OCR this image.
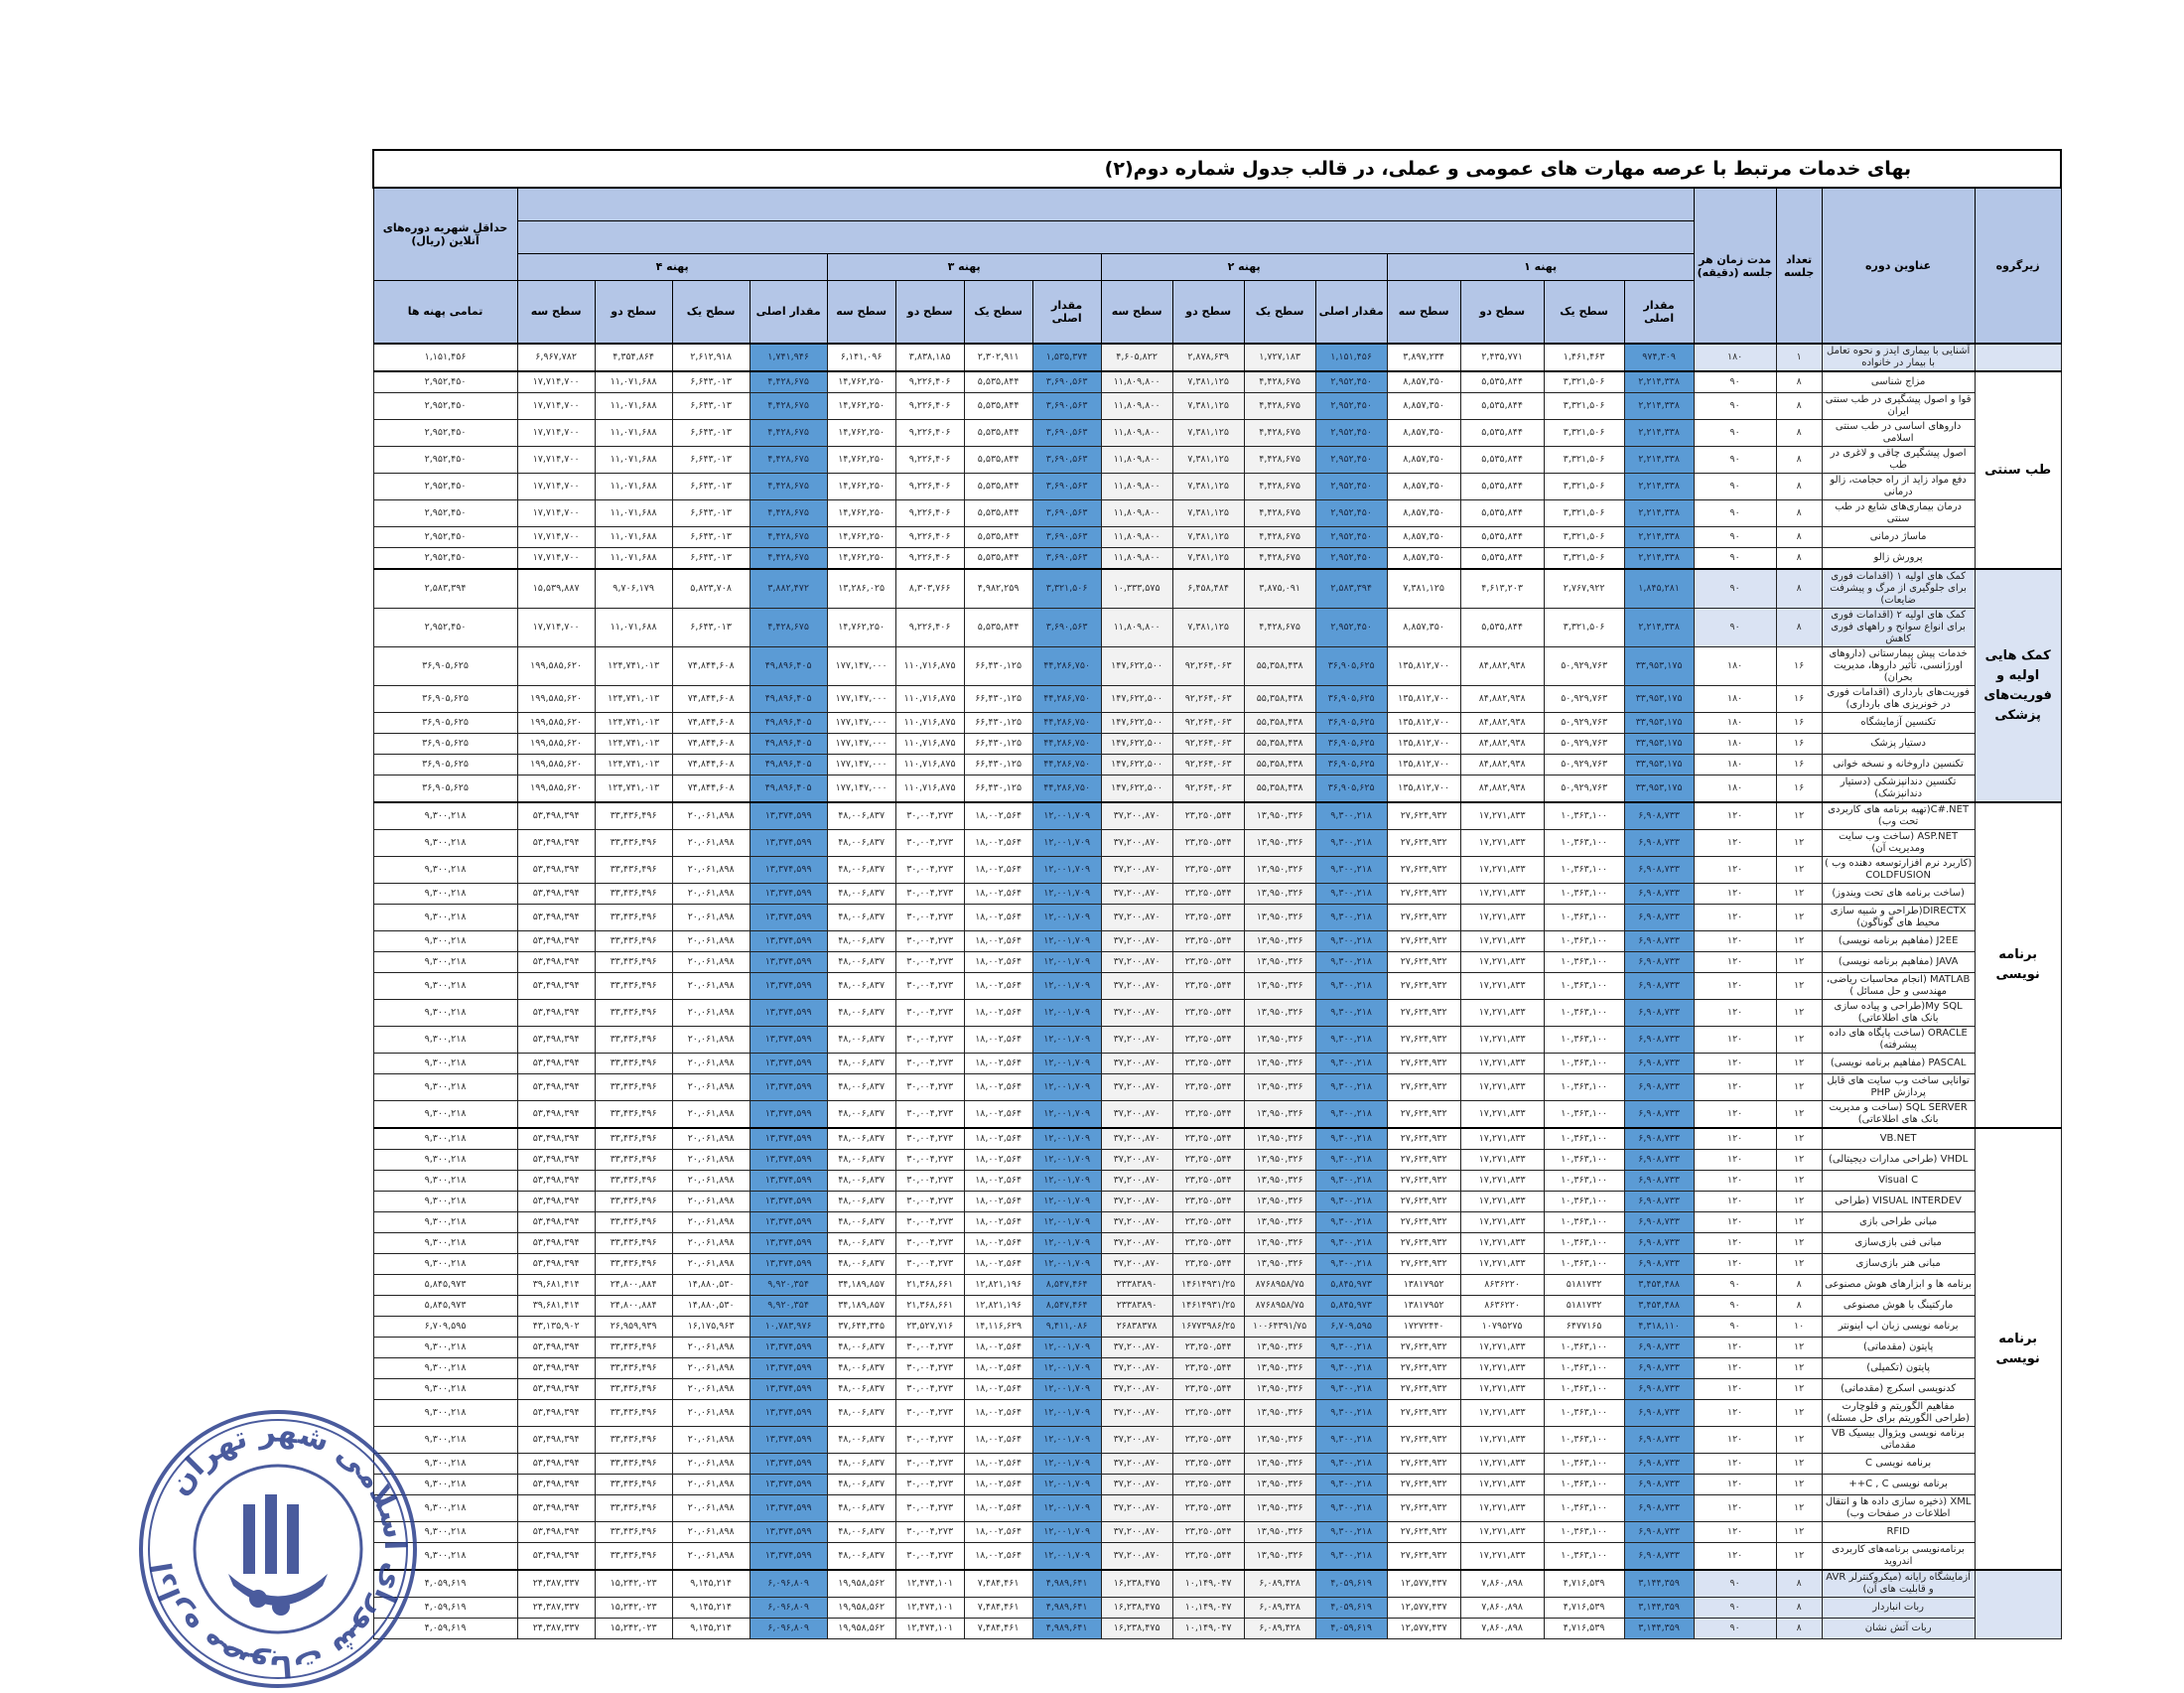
بهای خدمات مرتبط با عرصه مهارت های عمومی و عملی، در قالب جدول شماره دوم(۲)																				
زیرگروه	عناوین دوره	تعداد جلسه	مدت زمان هر جلسه (دقیقه)																	حداقل شهریه دوره‌های آنلاین (ریال)

				پهنه ۱				پهنه ۲				پهنه ۳				پهنه ۴				
				مقدار اصلی	سطح یک	سطح دو	سطح سه	مقدار اصلی	سطح یک	سطح دو	سطح سه	مقدار اصلی	سطح یک	سطح دو	سطح سه	مقدار اصلی	سطح یک	سطح دو	سطح سه	تمامی پهنه ها
	آشنایی با بیماری ایدز و نحوه تعامل با بیمار در خانواده	۱	۱۸۰	۹۷۴,۳۰۹	۱,۴۶۱,۴۶۳	۲,۴۳۵,۷۷۱	۳,۸۹۷,۲۳۴	۱,۱۵۱,۴۵۶	۱,۷۲۷,۱۸۳	۲,۸۷۸,۶۳۹	۴,۶۰۵,۸۲۲	۱,۵۳۵,۳۷۴	۲,۳۰۲,۹۱۱	۳,۸۳۸,۱۸۵	۶,۱۴۱,۰۹۶	۱,۷۴۱,۹۴۶	۲,۶۱۲,۹۱۸	۴,۳۵۴,۸۶۴	۶,۹۶۷,۷۸۲	۱,۱۵۱,۴۵۶
طب سنتی	مزاج شناسی	۸	۹۰	۲,۲۱۴,۳۳۸	۳,۳۲۱,۵۰۶	۵,۵۳۵,۸۴۴	۸,۸۵۷,۳۵۰	۲,۹۵۲,۴۵۰	۴,۴۲۸,۶۷۵	۷,۳۸۱,۱۲۵	۱۱,۸۰۹,۸۰۰	۳,۶۹۰,۵۶۳	۵,۵۳۵,۸۴۴	۹,۲۲۶,۴۰۶	۱۴,۷۶۲,۲۵۰	۴,۴۲۸,۶۷۵	۶,۶۴۳,۰۱۳	۱۱,۰۷۱,۶۸۸	۱۷,۷۱۴,۷۰۰	۲,۹۵۲,۴۵۰
	قوا و اصول پیشگیری در طب سنتی ایران	۸	۹۰	۲,۲۱۴,۳۳۸	۳,۳۲۱,۵۰۶	۵,۵۳۵,۸۴۴	۸,۸۵۷,۳۵۰	۲,۹۵۲,۴۵۰	۴,۴۲۸,۶۷۵	۷,۳۸۱,۱۲۵	۱۱,۸۰۹,۸۰۰	۳,۶۹۰,۵۶۳	۵,۵۳۵,۸۴۴	۹,۲۲۶,۴۰۶	۱۴,۷۶۲,۲۵۰	۴,۴۲۸,۶۷۵	۶,۶۴۳,۰۱۳	۱۱,۰۷۱,۶۸۸	۱۷,۷۱۴,۷۰۰	۲,۹۵۲,۴۵۰
	داروهای اساسی در طب سنتی اسلامی	۸	۹۰	۲,۲۱۴,۳۳۸	۳,۳۲۱,۵۰۶	۵,۵۳۵,۸۴۴	۸,۸۵۷,۳۵۰	۲,۹۵۲,۴۵۰	۴,۴۲۸,۶۷۵	۷,۳۸۱,۱۲۵	۱۱,۸۰۹,۸۰۰	۳,۶۹۰,۵۶۳	۵,۵۳۵,۸۴۴	۹,۲۲۶,۴۰۶	۱۴,۷۶۲,۲۵۰	۴,۴۲۸,۶۷۵	۶,۶۴۳,۰۱۳	۱۱,۰۷۱,۶۸۸	۱۷,۷۱۴,۷۰۰	۲,۹۵۲,۴۵۰
	اصول پیشگیری چاقی و لاغری در طب	۸	۹۰	۲,۲۱۴,۳۳۸	۳,۳۲۱,۵۰۶	۵,۵۳۵,۸۴۴	۸,۸۵۷,۳۵۰	۲,۹۵۲,۴۵۰	۴,۴۲۸,۶۷۵	۷,۳۸۱,۱۲۵	۱۱,۸۰۹,۸۰۰	۳,۶۹۰,۵۶۳	۵,۵۳۵,۸۴۴	۹,۲۲۶,۴۰۶	۱۴,۷۶۲,۲۵۰	۴,۴۲۸,۶۷۵	۶,۶۴۳,۰۱۳	۱۱,۰۷۱,۶۸۸	۱۷,۷۱۴,۷۰۰	۲,۹۵۲,۴۵۰
	دفع مواد زاید از راه حجامت، زالو درمانی	۸	۹۰	۲,۲۱۴,۳۳۸	۳,۳۲۱,۵۰۶	۵,۵۳۵,۸۴۴	۸,۸۵۷,۳۵۰	۲,۹۵۲,۴۵۰	۴,۴۲۸,۶۷۵	۷,۳۸۱,۱۲۵	۱۱,۸۰۹,۸۰۰	۳,۶۹۰,۵۶۳	۵,۵۳۵,۸۴۴	۹,۲۲۶,۴۰۶	۱۴,۷۶۲,۲۵۰	۴,۴۲۸,۶۷۵	۶,۶۴۳,۰۱۳	۱۱,۰۷۱,۶۸۸	۱۷,۷۱۴,۷۰۰	۲,۹۵۲,۴۵۰
	درمان بیماری‌های شایع در طب سنتی	۸	۹۰	۲,۲۱۴,۳۳۸	۳,۳۲۱,۵۰۶	۵,۵۳۵,۸۴۴	۸,۸۵۷,۳۵۰	۲,۹۵۲,۴۵۰	۴,۴۲۸,۶۷۵	۷,۳۸۱,۱۲۵	۱۱,۸۰۹,۸۰۰	۳,۶۹۰,۵۶۳	۵,۵۳۵,۸۴۴	۹,۲۲۶,۴۰۶	۱۴,۷۶۲,۲۵۰	۴,۴۲۸,۶۷۵	۶,۶۴۳,۰۱۳	۱۱,۰۷۱,۶۸۸	۱۷,۷۱۴,۷۰۰	۲,۹۵۲,۴۵۰
	ماساژ درمانی	۸	۹۰	۲,۲۱۴,۳۳۸	۳,۳۲۱,۵۰۶	۵,۵۳۵,۸۴۴	۸,۸۵۷,۳۵۰	۲,۹۵۲,۴۵۰	۴,۴۲۸,۶۷۵	۷,۳۸۱,۱۲۵	۱۱,۸۰۹,۸۰۰	۳,۶۹۰,۵۶۳	۵,۵۳۵,۸۴۴	۹,۲۲۶,۴۰۶	۱۴,۷۶۲,۲۵۰	۴,۴۲۸,۶۷۵	۶,۶۴۳,۰۱۳	۱۱,۰۷۱,۶۸۸	۱۷,۷۱۴,۷۰۰	۲,۹۵۲,۴۵۰
	پرورش زالو	۸	۹۰	۲,۲۱۴,۳۳۸	۳,۳۲۱,۵۰۶	۵,۵۳۵,۸۴۴	۸,۸۵۷,۳۵۰	۲,۹۵۲,۴۵۰	۴,۴۲۸,۶۷۵	۷,۳۸۱,۱۲۵	۱۱,۸۰۹,۸۰۰	۳,۶۹۰,۵۶۳	۵,۵۳۵,۸۴۴	۹,۲۲۶,۴۰۶	۱۴,۷۶۲,۲۵۰	۴,۴۲۸,۶۷۵	۶,۶۴۳,۰۱۳	۱۱,۰۷۱,۶۸۸	۱۷,۷۱۴,۷۰۰	۲,۹۵۲,۴۵۰
کمک هایی اولیه و فوریت‌های پزشکی	کمک های اولیه ۱ (اقدامات فوری برای جلوگیری از مرگ و پیشرفت ضایعات)	۸	۹۰	۱,۸۴۵,۲۸۱	۲,۷۶۷,۹۲۲	۴,۶۱۳,۲۰۳	۷,۳۸۱,۱۲۵	۲,۵۸۳,۳۹۴	۳,۸۷۵,۰۹۱	۶,۴۵۸,۴۸۴	۱۰,۳۳۳,۵۷۵	۳,۳۲۱,۵۰۶	۴,۹۸۲,۲۵۹	۸,۳۰۳,۷۶۶	۱۳,۲۸۶,۰۲۵	۳,۸۸۲,۴۷۲	۵,۸۲۳,۷۰۸	۹,۷۰۶,۱۷۹	۱۵,۵۳۹,۸۸۷	۲,۵۸۳,۳۹۴
	کمک های اولیه ۲ (اقدامات فوری برای انواع سوانح و راههای فوری کاهش	۸	۹۰	۲,۲۱۴,۳۳۸	۳,۳۲۱,۵۰۶	۵,۵۳۵,۸۴۴	۸,۸۵۷,۳۵۰	۲,۹۵۲,۴۵۰	۴,۴۲۸,۶۷۵	۷,۳۸۱,۱۲۵	۱۱,۸۰۹,۸۰۰	۳,۶۹۰,۵۶۳	۵,۵۳۵,۸۴۴	۹,۲۲۶,۴۰۶	۱۴,۷۶۲,۲۵۰	۴,۴۲۸,۶۷۵	۶,۶۴۳,۰۱۳	۱۱,۰۷۱,۶۸۸	۱۷,۷۱۴,۷۰۰	۲,۹۵۲,۴۵۰
	خدمات پیش بیمارستانی (داروهای اورژانسی، تأثیر داروها، مدیریت بحران)	۱۶	۱۸۰	۳۳,۹۵۳,۱۷۵	۵۰,۹۲۹,۷۶۳	۸۴,۸۸۲,۹۳۸	۱۳۵,۸۱۲,۷۰۰	۳۶,۹۰۵,۶۲۵	۵۵,۳۵۸,۴۳۸	۹۲,۲۶۴,۰۶۳	۱۴۷,۶۲۲,۵۰۰	۴۴,۲۸۶,۷۵۰	۶۶,۴۳۰,۱۲۵	۱۱۰,۷۱۶,۸۷۵	۱۷۷,۱۴۷,۰۰۰	۴۹,۸۹۶,۴۰۵	۷۴,۸۴۴,۶۰۸	۱۲۴,۷۴۱,۰۱۳	۱۹۹,۵۸۵,۶۲۰	۳۶,۹۰۵,۶۲۵
	فوریت‌های بارداری (اقدامات فوری در خونریزی های بارداری)	۱۶	۱۸۰	۳۳,۹۵۳,۱۷۵	۵۰,۹۲۹,۷۶۳	۸۴,۸۸۲,۹۳۸	۱۳۵,۸۱۲,۷۰۰	۳۶,۹۰۵,۶۲۵	۵۵,۳۵۸,۴۳۸	۹۲,۲۶۴,۰۶۳	۱۴۷,۶۲۲,۵۰۰	۴۴,۲۸۶,۷۵۰	۶۶,۴۳۰,۱۲۵	۱۱۰,۷۱۶,۸۷۵	۱۷۷,۱۴۷,۰۰۰	۴۹,۸۹۶,۴۰۵	۷۴,۸۴۴,۶۰۸	۱۲۴,۷۴۱,۰۱۳	۱۹۹,۵۸۵,۶۲۰	۳۶,۹۰۵,۶۲۵
	تکنسین آزمایشگاه	۱۶	۱۸۰	۳۳,۹۵۳,۱۷۵	۵۰,۹۲۹,۷۶۳	۸۴,۸۸۲,۹۳۸	۱۳۵,۸۱۲,۷۰۰	۳۶,۹۰۵,۶۲۵	۵۵,۳۵۸,۴۳۸	۹۲,۲۶۴,۰۶۳	۱۴۷,۶۲۲,۵۰۰	۴۴,۲۸۶,۷۵۰	۶۶,۴۳۰,۱۲۵	۱۱۰,۷۱۶,۸۷۵	۱۷۷,۱۴۷,۰۰۰	۴۹,۸۹۶,۴۰۵	۷۴,۸۴۴,۶۰۸	۱۲۴,۷۴۱,۰۱۳	۱۹۹,۵۸۵,۶۲۰	۳۶,۹۰۵,۶۲۵
	دستیار پزشک	۱۶	۱۸۰	۳۳,۹۵۳,۱۷۵	۵۰,۹۲۹,۷۶۳	۸۴,۸۸۲,۹۳۸	۱۳۵,۸۱۲,۷۰۰	۳۶,۹۰۵,۶۲۵	۵۵,۳۵۸,۴۳۸	۹۲,۲۶۴,۰۶۳	۱۴۷,۶۲۲,۵۰۰	۴۴,۲۸۶,۷۵۰	۶۶,۴۳۰,۱۲۵	۱۱۰,۷۱۶,۸۷۵	۱۷۷,۱۴۷,۰۰۰	۴۹,۸۹۶,۴۰۵	۷۴,۸۴۴,۶۰۸	۱۲۴,۷۴۱,۰۱۳	۱۹۹,۵۸۵,۶۲۰	۳۶,۹۰۵,۶۲۵
	تکنسین داروخانه و نسخه خوانی	۱۶	۱۸۰	۳۳,۹۵۳,۱۷۵	۵۰,۹۲۹,۷۶۳	۸۴,۸۸۲,۹۳۸	۱۳۵,۸۱۲,۷۰۰	۳۶,۹۰۵,۶۲۵	۵۵,۳۵۸,۴۳۸	۹۲,۲۶۴,۰۶۳	۱۴۷,۶۲۲,۵۰۰	۴۴,۲۸۶,۷۵۰	۶۶,۴۳۰,۱۲۵	۱۱۰,۷۱۶,۸۷۵	۱۷۷,۱۴۷,۰۰۰	۴۹,۸۹۶,۴۰۵	۷۴,۸۴۴,۶۰۸	۱۲۴,۷۴۱,۰۱۳	۱۹۹,۵۸۵,۶۲۰	۳۶,۹۰۵,۶۲۵
	تکنسین دندانپزشکی (دستیار دندانپزشک)	۱۶	۱۸۰	۳۳,۹۵۳,۱۷۵	۵۰,۹۲۹,۷۶۳	۸۴,۸۸۲,۹۳۸	۱۳۵,۸۱۲,۷۰۰	۳۶,۹۰۵,۶۲۵	۵۵,۳۵۸,۴۳۸	۹۲,۲۶۴,۰۶۳	۱۴۷,۶۲۲,۵۰۰	۴۴,۲۸۶,۷۵۰	۶۶,۴۳۰,۱۲۵	۱۱۰,۷۱۶,۸۷۵	۱۷۷,۱۴۷,۰۰۰	۴۹,۸۹۶,۴۰۵	۷۴,۸۴۴,۶۰۸	۱۲۴,۷۴۱,۰۱۳	۱۹۹,۵۸۵,۶۲۰	۳۶,۹۰۵,۶۲۵
برنامه نویسی	C#.NET(تهیه برنامه های کاربردی تحت وب)	۱۲	۱۲۰	۶,۹۰۸,۷۳۳	۱۰,۳۶۳,۱۰۰	۱۷,۲۷۱,۸۳۳	۲۷,۶۲۴,۹۳۲	۹,۳۰۰,۲۱۸	۱۳,۹۵۰,۳۲۶	۲۳,۲۵۰,۵۴۴	۳۷,۲۰۰,۸۷۰	۱۲,۰۰۱,۷۰۹	۱۸,۰۰۲,۵۶۴	۳۰,۰۰۴,۲۷۳	۴۸,۰۰۶,۸۳۷	۱۳,۳۷۴,۵۹۹	۲۰,۰۶۱,۸۹۸	۳۳,۴۳۶,۴۹۶	۵۳,۴۹۸,۳۹۴	۹,۳۰۰,۲۱۸
	ASP.NET (ساخت وب سایت ومدیریت آن)	۱۲	۱۲۰	۶,۹۰۸,۷۳۳	۱۰,۳۶۳,۱۰۰	۱۷,۲۷۱,۸۳۳	۲۷,۶۲۴,۹۳۲	۹,۳۰۰,۲۱۸	۱۳,۹۵۰,۳۲۶	۲۳,۲۵۰,۵۴۴	۳۷,۲۰۰,۸۷۰	۱۲,۰۰۱,۷۰۹	۱۸,۰۰۲,۵۶۴	۳۰,۰۰۴,۲۷۳	۴۸,۰۰۶,۸۳۷	۱۳,۳۷۴,۵۹۹	۲۰,۰۶۱,۸۹۸	۳۳,۴۳۶,۴۹۶	۵۳,۴۹۸,۳۹۴	۹,۳۰۰,۲۱۸
	(کاربرد نرم افزارتوسعه دهنده وب ) COLDFUSION	۱۲	۱۲۰	۶,۹۰۸,۷۳۳	۱۰,۳۶۳,۱۰۰	۱۷,۲۷۱,۸۳۳	۲۷,۶۲۴,۹۳۲	۹,۳۰۰,۲۱۸	۱۳,۹۵۰,۳۲۶	۲۳,۲۵۰,۵۴۴	۳۷,۲۰۰,۸۷۰	۱۲,۰۰۱,۷۰۹	۱۸,۰۰۲,۵۶۴	۳۰,۰۰۴,۲۷۳	۴۸,۰۰۶,۸۳۷	۱۳,۳۷۴,۵۹۹	۲۰,۰۶۱,۸۹۸	۳۳,۴۳۶,۴۹۶	۵۳,۴۹۸,۳۹۴	۹,۳۰۰,۲۱۸
	(ساخت برنامه های تحت ویندوز)	۱۲	۱۲۰	۶,۹۰۸,۷۳۳	۱۰,۳۶۳,۱۰۰	۱۷,۲۷۱,۸۳۳	۲۷,۶۲۴,۹۳۲	۹,۳۰۰,۲۱۸	۱۳,۹۵۰,۳۲۶	۲۳,۲۵۰,۵۴۴	۳۷,۲۰۰,۸۷۰	۱۲,۰۰۱,۷۰۹	۱۸,۰۰۲,۵۶۴	۳۰,۰۰۴,۲۷۳	۴۸,۰۰۶,۸۳۷	۱۳,۳۷۴,۵۹۹	۲۰,۰۶۱,۸۹۸	۳۳,۴۳۶,۴۹۶	۵۳,۴۹۸,۳۹۴	۹,۳۰۰,۲۱۸
	DIRECTX(طراحی و شبیه سازی محیط های گوناگون)	۱۲	۱۲۰	۶,۹۰۸,۷۳۳	۱۰,۳۶۳,۱۰۰	۱۷,۲۷۱,۸۳۳	۲۷,۶۲۴,۹۳۲	۹,۳۰۰,۲۱۸	۱۳,۹۵۰,۳۲۶	۲۳,۲۵۰,۵۴۴	۳۷,۲۰۰,۸۷۰	۱۲,۰۰۱,۷۰۹	۱۸,۰۰۲,۵۶۴	۳۰,۰۰۴,۲۷۳	۴۸,۰۰۶,۸۳۷	۱۳,۳۷۴,۵۹۹	۲۰,۰۶۱,۸۹۸	۳۳,۴۳۶,۴۹۶	۵۳,۴۹۸,۳۹۴	۹,۳۰۰,۲۱۸
	J2EE (مفاهیم برنامه نویسی)	۱۲	۱۲۰	۶,۹۰۸,۷۳۳	۱۰,۳۶۳,۱۰۰	۱۷,۲۷۱,۸۳۳	۲۷,۶۲۴,۹۳۲	۹,۳۰۰,۲۱۸	۱۳,۹۵۰,۳۲۶	۲۳,۲۵۰,۵۴۴	۳۷,۲۰۰,۸۷۰	۱۲,۰۰۱,۷۰۹	۱۸,۰۰۲,۵۶۴	۳۰,۰۰۴,۲۷۳	۴۸,۰۰۶,۸۳۷	۱۳,۳۷۴,۵۹۹	۲۰,۰۶۱,۸۹۸	۳۳,۴۳۶,۴۹۶	۵۳,۴۹۸,۳۹۴	۹,۳۰۰,۲۱۸
	JAVA (مفاهیم برنامه نویسی)	۱۲	۱۲۰	۶,۹۰۸,۷۳۳	۱۰,۳۶۳,۱۰۰	۱۷,۲۷۱,۸۳۳	۲۷,۶۲۴,۹۳۲	۹,۳۰۰,۲۱۸	۱۳,۹۵۰,۳۲۶	۲۳,۲۵۰,۵۴۴	۳۷,۲۰۰,۸۷۰	۱۲,۰۰۱,۷۰۹	۱۸,۰۰۲,۵۶۴	۳۰,۰۰۴,۲۷۳	۴۸,۰۰۶,۸۳۷	۱۳,۳۷۴,۵۹۹	۲۰,۰۶۱,۸۹۸	۳۳,۴۳۶,۴۹۶	۵۳,۴۹۸,۳۹۴	۹,۳۰۰,۲۱۸
	MATLAB (انجام محاسبات ریاضی، مهندسی و حل مسائل )	۱۲	۱۲۰	۶,۹۰۸,۷۳۳	۱۰,۳۶۳,۱۰۰	۱۷,۲۷۱,۸۳۳	۲۷,۶۲۴,۹۳۲	۹,۳۰۰,۲۱۸	۱۳,۹۵۰,۳۲۶	۲۳,۲۵۰,۵۴۴	۳۷,۲۰۰,۸۷۰	۱۲,۰۰۱,۷۰۹	۱۸,۰۰۲,۵۶۴	۳۰,۰۰۴,۲۷۳	۴۸,۰۰۶,۸۳۷	۱۳,۳۷۴,۵۹۹	۲۰,۰۶۱,۸۹۸	۳۳,۴۳۶,۴۹۶	۵۳,۴۹۸,۳۹۴	۹,۳۰۰,۲۱۸
	My SQL(طراحی و پیاده سازی بانک های اطلاعاتی)	۱۲	۱۲۰	۶,۹۰۸,۷۳۳	۱۰,۳۶۳,۱۰۰	۱۷,۲۷۱,۸۳۳	۲۷,۶۲۴,۹۳۲	۹,۳۰۰,۲۱۸	۱۳,۹۵۰,۳۲۶	۲۳,۲۵۰,۵۴۴	۳۷,۲۰۰,۸۷۰	۱۲,۰۰۱,۷۰۹	۱۸,۰۰۲,۵۶۴	۳۰,۰۰۴,۲۷۳	۴۸,۰۰۶,۸۳۷	۱۳,۳۷۴,۵۹۹	۲۰,۰۶۱,۸۹۸	۳۳,۴۳۶,۴۹۶	۵۳,۴۹۸,۳۹۴	۹,۳۰۰,۲۱۸
	ORACLE (ساخت پایگاه های داده پیشرفته)	۱۲	۱۲۰	۶,۹۰۸,۷۳۳	۱۰,۳۶۳,۱۰۰	۱۷,۲۷۱,۸۳۳	۲۷,۶۲۴,۹۳۲	۹,۳۰۰,۲۱۸	۱۳,۹۵۰,۳۲۶	۲۳,۲۵۰,۵۴۴	۳۷,۲۰۰,۸۷۰	۱۲,۰۰۱,۷۰۹	۱۸,۰۰۲,۵۶۴	۳۰,۰۰۴,۲۷۳	۴۸,۰۰۶,۸۳۷	۱۳,۳۷۴,۵۹۹	۲۰,۰۶۱,۸۹۸	۳۳,۴۳۶,۴۹۶	۵۳,۴۹۸,۳۹۴	۹,۳۰۰,۲۱۸
	PASCAL (مفاهیم برنامه نویسی)	۱۲	۱۲۰	۶,۹۰۸,۷۳۳	۱۰,۳۶۳,۱۰۰	۱۷,۲۷۱,۸۳۳	۲۷,۶۲۴,۹۳۲	۹,۳۰۰,۲۱۸	۱۳,۹۵۰,۳۲۶	۲۳,۲۵۰,۵۴۴	۳۷,۲۰۰,۸۷۰	۱۲,۰۰۱,۷۰۹	۱۸,۰۰۲,۵۶۴	۳۰,۰۰۴,۲۷۳	۴۸,۰۰۶,۸۳۷	۱۳,۳۷۴,۵۹۹	۲۰,۰۶۱,۸۹۸	۳۳,۴۳۶,۴۹۶	۵۳,۴۹۸,۳۹۴	۹,۳۰۰,۲۱۸
	توانایی ساخت وب سایت های قابل پردازش PHP	۱۲	۱۲۰	۶,۹۰۸,۷۳۳	۱۰,۳۶۳,۱۰۰	۱۷,۲۷۱,۸۳۳	۲۷,۶۲۴,۹۳۲	۹,۳۰۰,۲۱۸	۱۳,۹۵۰,۳۲۶	۲۳,۲۵۰,۵۴۴	۳۷,۲۰۰,۸۷۰	۱۲,۰۰۱,۷۰۹	۱۸,۰۰۲,۵۶۴	۳۰,۰۰۴,۲۷۳	۴۸,۰۰۶,۸۳۷	۱۳,۳۷۴,۵۹۹	۲۰,۰۶۱,۸۹۸	۳۳,۴۳۶,۴۹۶	۵۳,۴۹۸,۳۹۴	۹,۳۰۰,۲۱۸
	SQL SERVER (ساخت و مدیریت بانک های اطلاعاتی)	۱۲	۱۲۰	۶,۹۰۸,۷۳۳	۱۰,۳۶۳,۱۰۰	۱۷,۲۷۱,۸۳۳	۲۷,۶۲۴,۹۳۲	۹,۳۰۰,۲۱۸	۱۳,۹۵۰,۳۲۶	۲۳,۲۵۰,۵۴۴	۳۷,۲۰۰,۸۷۰	۱۲,۰۰۱,۷۰۹	۱۸,۰۰۲,۵۶۴	۳۰,۰۰۴,۲۷۳	۴۸,۰۰۶,۸۳۷	۱۳,۳۷۴,۵۹۹	۲۰,۰۶۱,۸۹۸	۳۳,۴۳۶,۴۹۶	۵۳,۴۹۸,۳۹۴	۹,۳۰۰,۲۱۸
برنامه نویسی	VB.NET	۱۲	۱۲۰	۶,۹۰۸,۷۳۳	۱۰,۳۶۳,۱۰۰	۱۷,۲۷۱,۸۳۳	۲۷,۶۲۴,۹۳۲	۹,۳۰۰,۲۱۸	۱۳,۹۵۰,۳۲۶	۲۳,۲۵۰,۵۴۴	۳۷,۲۰۰,۸۷۰	۱۲,۰۰۱,۷۰۹	۱۸,۰۰۲,۵۶۴	۳۰,۰۰۴,۲۷۳	۴۸,۰۰۶,۸۳۷	۱۳,۳۷۴,۵۹۹	۲۰,۰۶۱,۸۹۸	۳۳,۴۳۶,۴۹۶	۵۳,۴۹۸,۳۹۴	۹,۳۰۰,۲۱۸
	VHDL (طراحی مدارات دیجیتالی)	۱۲	۱۲۰	۶,۹۰۸,۷۳۳	۱۰,۳۶۳,۱۰۰	۱۷,۲۷۱,۸۳۳	۲۷,۶۲۴,۹۳۲	۹,۳۰۰,۲۱۸	۱۳,۹۵۰,۳۲۶	۲۳,۲۵۰,۵۴۴	۳۷,۲۰۰,۸۷۰	۱۲,۰۰۱,۷۰۹	۱۸,۰۰۲,۵۶۴	۳۰,۰۰۴,۲۷۳	۴۸,۰۰۶,۸۳۷	۱۳,۳۷۴,۵۹۹	۲۰,۰۶۱,۸۹۸	۳۳,۴۳۶,۴۹۶	۵۳,۴۹۸,۳۹۴	۹,۳۰۰,۲۱۸
	Visual C	۱۲	۱۲۰	۶,۹۰۸,۷۳۳	۱۰,۳۶۳,۱۰۰	۱۷,۲۷۱,۸۳۳	۲۷,۶۲۴,۹۳۲	۹,۳۰۰,۲۱۸	۱۳,۹۵۰,۳۲۶	۲۳,۲۵۰,۵۴۴	۳۷,۲۰۰,۸۷۰	۱۲,۰۰۱,۷۰۹	۱۸,۰۰۲,۵۶۴	۳۰,۰۰۴,۲۷۳	۴۸,۰۰۶,۸۳۷	۱۳,۳۷۴,۵۹۹	۲۰,۰۶۱,۸۹۸	۳۳,۴۳۶,۴۹۶	۵۳,۴۹۸,۳۹۴	۹,۳۰۰,۲۱۸
	VISUAL INTERDEV (طراحی	۱۲	۱۲۰	۶,۹۰۸,۷۳۳	۱۰,۳۶۳,۱۰۰	۱۷,۲۷۱,۸۳۳	۲۷,۶۲۴,۹۳۲	۹,۳۰۰,۲۱۸	۱۳,۹۵۰,۳۲۶	۲۳,۲۵۰,۵۴۴	۳۷,۲۰۰,۸۷۰	۱۲,۰۰۱,۷۰۹	۱۸,۰۰۲,۵۶۴	۳۰,۰۰۴,۲۷۳	۴۸,۰۰۶,۸۳۷	۱۳,۳۷۴,۵۹۹	۲۰,۰۶۱,۸۹۸	۳۳,۴۳۶,۴۹۶	۵۳,۴۹۸,۳۹۴	۹,۳۰۰,۲۱۸
	مبانی طراحی بازی	۱۲	۱۲۰	۶,۹۰۸,۷۳۳	۱۰,۳۶۳,۱۰۰	۱۷,۲۷۱,۸۳۳	۲۷,۶۲۴,۹۳۲	۹,۳۰۰,۲۱۸	۱۳,۹۵۰,۳۲۶	۲۳,۲۵۰,۵۴۴	۳۷,۲۰۰,۸۷۰	۱۲,۰۰۱,۷۰۹	۱۸,۰۰۲,۵۶۴	۳۰,۰۰۴,۲۷۳	۴۸,۰۰۶,۸۳۷	۱۳,۳۷۴,۵۹۹	۲۰,۰۶۱,۸۹۸	۳۳,۴۳۶,۴۹۶	۵۳,۴۹۸,۳۹۴	۹,۳۰۰,۲۱۸
	مبانی فنی بازی‌سازی	۱۲	۱۲۰	۶,۹۰۸,۷۳۳	۱۰,۳۶۳,۱۰۰	۱۷,۲۷۱,۸۳۳	۲۷,۶۲۴,۹۳۲	۹,۳۰۰,۲۱۸	۱۳,۹۵۰,۳۲۶	۲۳,۲۵۰,۵۴۴	۳۷,۲۰۰,۸۷۰	۱۲,۰۰۱,۷۰۹	۱۸,۰۰۲,۵۶۴	۳۰,۰۰۴,۲۷۳	۴۸,۰۰۶,۸۳۷	۱۳,۳۷۴,۵۹۹	۲۰,۰۶۱,۸۹۸	۳۳,۴۳۶,۴۹۶	۵۳,۴۹۸,۳۹۴	۹,۳۰۰,۲۱۸
	مبانی هنر بازی‌سازی	۱۲	۱۲۰	۶,۹۰۸,۷۳۳	۱۰,۳۶۳,۱۰۰	۱۷,۲۷۱,۸۳۳	۲۷,۶۲۴,۹۳۲	۹,۳۰۰,۲۱۸	۱۳,۹۵۰,۳۲۶	۲۳,۲۵۰,۵۴۴	۳۷,۲۰۰,۸۷۰	۱۲,۰۰۱,۷۰۹	۱۸,۰۰۲,۵۶۴	۳۰,۰۰۴,۲۷۳	۴۸,۰۰۶,۸۳۷	۱۳,۳۷۴,۵۹۹	۲۰,۰۶۱,۸۹۸	۳۳,۴۳۶,۴۹۶	۵۳,۴۹۸,۳۹۴	۹,۳۰۰,۲۱۸
	برنامه ها و ابزارهای هوش مصنوعی	۸	۹۰	۳,۴۵۴,۴۸۸	۵۱۸۱۷۳۲	۸۶۳۶۲۲۰	۱۳۸۱۷۹۵۲	۵,۸۴۵,۹۷۳	۸۷۶۸۹۵۸/۷۵	۱۴۶۱۴۹۳۱/۲۵	۲۳۳۸۳۸۹۰	۸,۵۴۷,۴۶۴	۱۲,۸۲۱,۱۹۶	۲۱,۳۶۸,۶۶۱	۳۴,۱۸۹,۸۵۷	۹,۹۲۰,۳۵۴	۱۴,۸۸۰,۵۳۰	۲۴,۸۰۰,۸۸۴	۳۹,۶۸۱,۴۱۴	۵,۸۴۵,۹۷۳
	مارکتینگ با هوش مصنوعی	۸	۹۰	۳,۴۵۴,۴۸۸	۵۱۸۱۷۳۲	۸۶۳۶۲۲۰	۱۳۸۱۷۹۵۲	۵,۸۴۵,۹۷۳	۸۷۶۸۹۵۸/۷۵	۱۴۶۱۴۹۳۱/۲۵	۲۳۳۸۳۸۹۰	۸,۵۴۷,۴۶۴	۱۲,۸۲۱,۱۹۶	۲۱,۳۶۸,۶۶۱	۳۴,۱۸۹,۸۵۷	۹,۹۲۰,۳۵۴	۱۴,۸۸۰,۵۳۰	۲۴,۸۰۰,۸۸۴	۳۹,۶۸۱,۴۱۴	۵,۸۴۵,۹۷۳
	برنامه نویسی زبان اپ اینونتر	۱۰	۹۰	۴,۳۱۸,۱۱۰	۶۴۷۷۱۶۵	۱۰۷۹۵۲۷۵	۱۷۲۷۲۴۴۰	۶,۷۰۹,۵۹۵	۱۰۰۶۴۳۹۱/۷۵	۱۶۷۷۳۹۸۶/۲۵	۲۶۸۳۸۳۷۸	۹,۴۱۱,۰۸۶	۱۴,۱۱۶,۶۲۹	۲۳,۵۲۷,۷۱۶	۳۷,۶۴۴,۳۴۵	۱۰,۷۸۳,۹۷۶	۱۶,۱۷۵,۹۶۳	۲۶,۹۵۹,۹۳۹	۴۳,۱۳۵,۹۰۲	۶,۷۰۹,۵۹۵
	پایتون (مقدماتی)	۱۲	۱۲۰	۶,۹۰۸,۷۳۳	۱۰,۳۶۳,۱۰۰	۱۷,۲۷۱,۸۳۳	۲۷,۶۲۴,۹۳۲	۹,۳۰۰,۲۱۸	۱۳,۹۵۰,۳۲۶	۲۳,۲۵۰,۵۴۴	۳۷,۲۰۰,۸۷۰	۱۲,۰۰۱,۷۰۹	۱۸,۰۰۲,۵۶۴	۳۰,۰۰۴,۲۷۳	۴۸,۰۰۶,۸۳۷	۱۳,۳۷۴,۵۹۹	۲۰,۰۶۱,۸۹۸	۳۳,۴۳۶,۴۹۶	۵۳,۴۹۸,۳۹۴	۹,۳۰۰,۲۱۸
	پایتون (تکمیلی)	۱۲	۱۲۰	۶,۹۰۸,۷۳۳	۱۰,۳۶۳,۱۰۰	۱۷,۲۷۱,۸۳۳	۲۷,۶۲۴,۹۳۲	۹,۳۰۰,۲۱۸	۱۳,۹۵۰,۳۲۶	۲۳,۲۵۰,۵۴۴	۳۷,۲۰۰,۸۷۰	۱۲,۰۰۱,۷۰۹	۱۸,۰۰۲,۵۶۴	۳۰,۰۰۴,۲۷۳	۴۸,۰۰۶,۸۳۷	۱۳,۳۷۴,۵۹۹	۲۰,۰۶۱,۸۹۸	۳۳,۴۳۶,۴۹۶	۵۳,۴۹۸,۳۹۴	۹,۳۰۰,۲۱۸
	کدنویسی اسکرچ (مقدماتی)	۱۲	۱۲۰	۶,۹۰۸,۷۳۳	۱۰,۳۶۳,۱۰۰	۱۷,۲۷۱,۸۳۳	۲۷,۶۲۴,۹۳۲	۹,۳۰۰,۲۱۸	۱۳,۹۵۰,۳۲۶	۲۳,۲۵۰,۵۴۴	۳۷,۲۰۰,۸۷۰	۱۲,۰۰۱,۷۰۹	۱۸,۰۰۲,۵۶۴	۳۰,۰۰۴,۲۷۳	۴۸,۰۰۶,۸۳۷	۱۳,۳۷۴,۵۹۹	۲۰,۰۶۱,۸۹۸	۳۳,۴۳۶,۴۹۶	۵۳,۴۹۸,۳۹۴	۹,۳۰۰,۲۱۸
	مفاهیم الگوریتم و فلوچارت (طراحی الگوریتم برای حل مسئله)	۱۲	۱۲۰	۶,۹۰۸,۷۳۳	۱۰,۳۶۳,۱۰۰	۱۷,۲۷۱,۸۳۳	۲۷,۶۲۴,۹۳۲	۹,۳۰۰,۲۱۸	۱۳,۹۵۰,۳۲۶	۲۳,۲۵۰,۵۴۴	۳۷,۲۰۰,۸۷۰	۱۲,۰۰۱,۷۰۹	۱۸,۰۰۲,۵۶۴	۳۰,۰۰۴,۲۷۳	۴۸,۰۰۶,۸۳۷	۱۳,۳۷۴,۵۹۹	۲۰,۰۶۱,۸۹۸	۳۳,۴۳۶,۴۹۶	۵۳,۴۹۸,۳۹۴	۹,۳۰۰,۲۱۸
	برنامه نویسی ویژوال بیسیک VB مقدماتی	۱۲	۱۲۰	۶,۹۰۸,۷۳۳	۱۰,۳۶۳,۱۰۰	۱۷,۲۷۱,۸۳۳	۲۷,۶۲۴,۹۳۲	۹,۳۰۰,۲۱۸	۱۳,۹۵۰,۳۲۶	۲۳,۲۵۰,۵۴۴	۳۷,۲۰۰,۸۷۰	۱۲,۰۰۱,۷۰۹	۱۸,۰۰۲,۵۶۴	۳۰,۰۰۴,۲۷۳	۴۸,۰۰۶,۸۳۷	۱۳,۳۷۴,۵۹۹	۲۰,۰۶۱,۸۹۸	۳۳,۴۳۶,۴۹۶	۵۳,۴۹۸,۳۹۴	۹,۳۰۰,۲۱۸
	برنامه نویسی C	۱۲	۱۲۰	۶,۹۰۸,۷۳۳	۱۰,۳۶۳,۱۰۰	۱۷,۲۷۱,۸۳۳	۲۷,۶۲۴,۹۳۲	۹,۳۰۰,۲۱۸	۱۳,۹۵۰,۳۲۶	۲۳,۲۵۰,۵۴۴	۳۷,۲۰۰,۸۷۰	۱۲,۰۰۱,۷۰۹	۱۸,۰۰۲,۵۶۴	۳۰,۰۰۴,۲۷۳	۴۸,۰۰۶,۸۳۷	۱۳,۳۷۴,۵۹۹	۲۰,۰۶۱,۸۹۸	۳۳,۴۳۶,۴۹۶	۵۳,۴۹۸,۳۹۴	۹,۳۰۰,۲۱۸
	برنامه نویسی C , C++	۱۲	۱۲۰	۶,۹۰۸,۷۳۳	۱۰,۳۶۳,۱۰۰	۱۷,۲۷۱,۸۳۳	۲۷,۶۲۴,۹۳۲	۹,۳۰۰,۲۱۸	۱۳,۹۵۰,۳۲۶	۲۳,۲۵۰,۵۴۴	۳۷,۲۰۰,۸۷۰	۱۲,۰۰۱,۷۰۹	۱۸,۰۰۲,۵۶۴	۳۰,۰۰۴,۲۷۳	۴۸,۰۰۶,۸۳۷	۱۳,۳۷۴,۵۹۹	۲۰,۰۶۱,۸۹۸	۳۳,۴۳۶,۴۹۶	۵۳,۴۹۸,۳۹۴	۹,۳۰۰,۲۱۸
	XML (ذخیره سازی داده ها و انتقال اطلاعات در صفحات وب)	۱۲	۱۲۰	۶,۹۰۸,۷۳۳	۱۰,۳۶۳,۱۰۰	۱۷,۲۷۱,۸۳۳	۲۷,۶۲۴,۹۳۲	۹,۳۰۰,۲۱۸	۱۳,۹۵۰,۳۲۶	۲۳,۲۵۰,۵۴۴	۳۷,۲۰۰,۸۷۰	۱۲,۰۰۱,۷۰۹	۱۸,۰۰۲,۵۶۴	۳۰,۰۰۴,۲۷۳	۴۸,۰۰۶,۸۳۷	۱۳,۳۷۴,۵۹۹	۲۰,۰۶۱,۸۹۸	۳۳,۴۳۶,۴۹۶	۵۳,۴۹۸,۳۹۴	۹,۳۰۰,۲۱۸
	RFID	۱۲	۱۲۰	۶,۹۰۸,۷۳۳	۱۰,۳۶۳,۱۰۰	۱۷,۲۷۱,۸۳۳	۲۷,۶۲۴,۹۳۲	۹,۳۰۰,۲۱۸	۱۳,۹۵۰,۳۲۶	۲۳,۲۵۰,۵۴۴	۳۷,۲۰۰,۸۷۰	۱۲,۰۰۱,۷۰۹	۱۸,۰۰۲,۵۶۴	۳۰,۰۰۴,۲۷۳	۴۸,۰۰۶,۸۳۷	۱۳,۳۷۴,۵۹۹	۲۰,۰۶۱,۸۹۸	۳۳,۴۳۶,۴۹۶	۵۳,۴۹۸,۳۹۴	۹,۳۰۰,۲۱۸
	برنامه‌نویسی برنامه‌های کاربردی اندروید	۱۲	۱۲۰	۶,۹۰۸,۷۳۳	۱۰,۳۶۳,۱۰۰	۱۷,۲۷۱,۸۳۳	۲۷,۶۲۴,۹۳۲	۹,۳۰۰,۲۱۸	۱۳,۹۵۰,۳۲۶	۲۳,۲۵۰,۵۴۴	۳۷,۲۰۰,۸۷۰	۱۲,۰۰۱,۷۰۹	۱۸,۰۰۲,۵۶۴	۳۰,۰۰۴,۲۷۳	۴۸,۰۰۶,۸۳۷	۱۳,۳۷۴,۵۹۹	۲۰,۰۶۱,۸۹۸	۳۳,۴۳۶,۴۹۶	۵۳,۴۹۸,۳۹۴	۹,۳۰۰,۲۱۸
	آزمایشگاه رایانه (میکروکنترلر AVR و قابلیت های آن)	۸	۹۰	۳,۱۴۴,۳۵۹	۴,۷۱۶,۵۳۹	۷,۸۶۰,۸۹۸	۱۲,۵۷۷,۴۳۷	۴,۰۵۹,۶۱۹	۶,۰۸۹,۴۲۸	۱۰,۱۴۹,۰۴۷	۱۶,۲۳۸,۴۷۵	۴,۹۸۹,۶۴۱	۷,۴۸۴,۴۶۱	۱۲,۴۷۴,۱۰۱	۱۹,۹۵۸,۵۶۲	۶,۰۹۶,۸۰۹	۹,۱۴۵,۲۱۴	۱۵,۲۴۲,۰۲۳	۲۴,۳۸۷,۳۳۷	۴,۰۵۹,۶۱۹
	ربات انباردار	۸	۹۰	۳,۱۴۴,۳۵۹	۴,۷۱۶,۵۳۹	۷,۸۶۰,۸۹۸	۱۲,۵۷۷,۴۳۷	۴,۰۵۹,۶۱۹	۶,۰۸۹,۴۲۸	۱۰,۱۴۹,۰۴۷	۱۶,۲۳۸,۴۷۵	۴,۹۸۹,۶۴۱	۷,۴۸۴,۴۶۱	۱۲,۴۷۴,۱۰۱	۱۹,۹۵۸,۵۶۲	۶,۰۹۶,۸۰۹	۹,۱۴۵,۲۱۴	۱۵,۲۴۲,۰۲۳	۲۴,۳۸۷,۳۳۷	۴,۰۵۹,۶۱۹
	ربات آتش نشان	۸	۹۰	۳,۱۴۴,۳۵۹	۴,۷۱۶,۵۳۹	۷,۸۶۰,۸۹۸	۱۲,۵۷۷,۴۳۷	۴,۰۵۹,۶۱۹	۶,۰۸۹,۴۲۸	۱۰,۱۴۹,۰۴۷	۱۶,۲۳۸,۴۷۵	۴,۹۸۹,۶۴۱	۷,۴۸۴,۴۶۱	۱۲,۴۷۴,۱۰۱	۱۹,۹۵۸,۵۶۲	۶,۰۹۶,۸۰۹	۹,۱۴۵,۲۱۴	۱۵,۲۴۲,۰۲۳	۲۴,۳۸۷,۳۳۷	۴,۰۵۹,۶۱۹
اداره مصوبات شورای اسلامی شهر تهران
